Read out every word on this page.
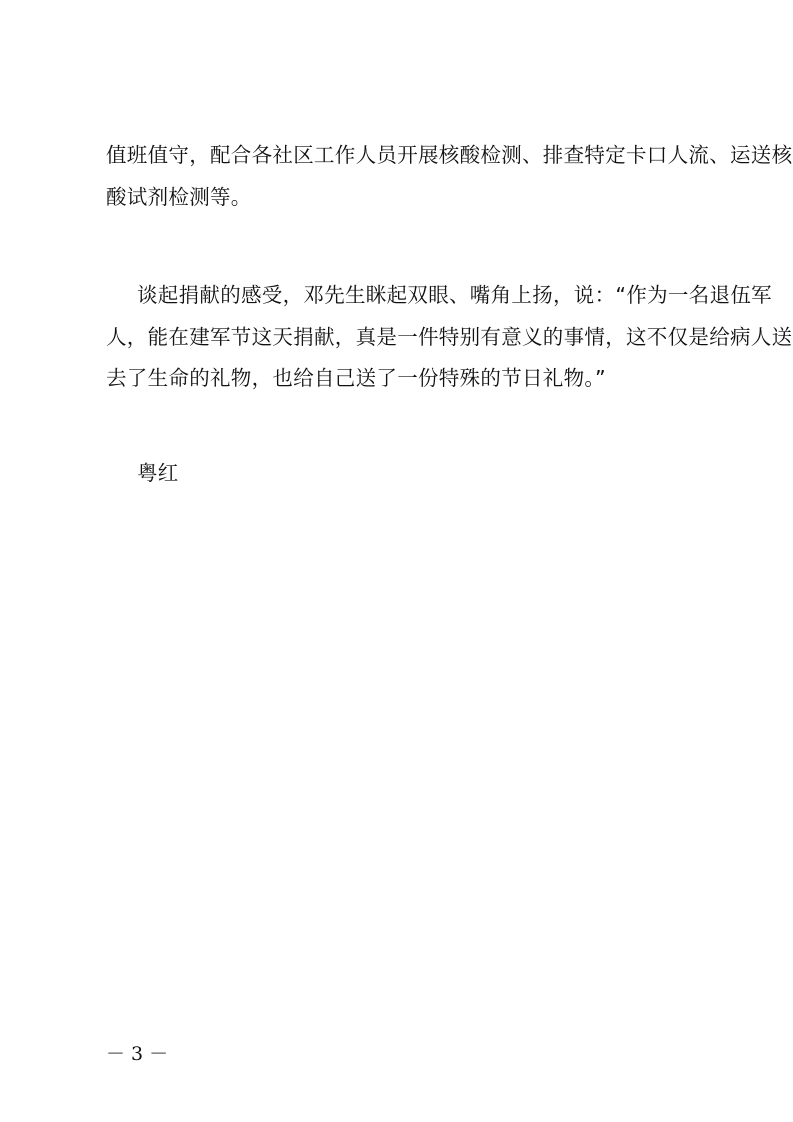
值班值守，配合各社区工作人员开展核酸检测、排查特定卡口人流、运送核
酸试剂检测等。
谈起捐献的感受，邓先生眯起双眼、嘴角上扬，说：“作为一名退伍军
人，能在建军节这天捐献，真是一件特别有意义的事情，这不仅是给病人送
去了生命的礼物，也给自己送了一份特殊的节日礼物。”
粤红
－ 3 －
